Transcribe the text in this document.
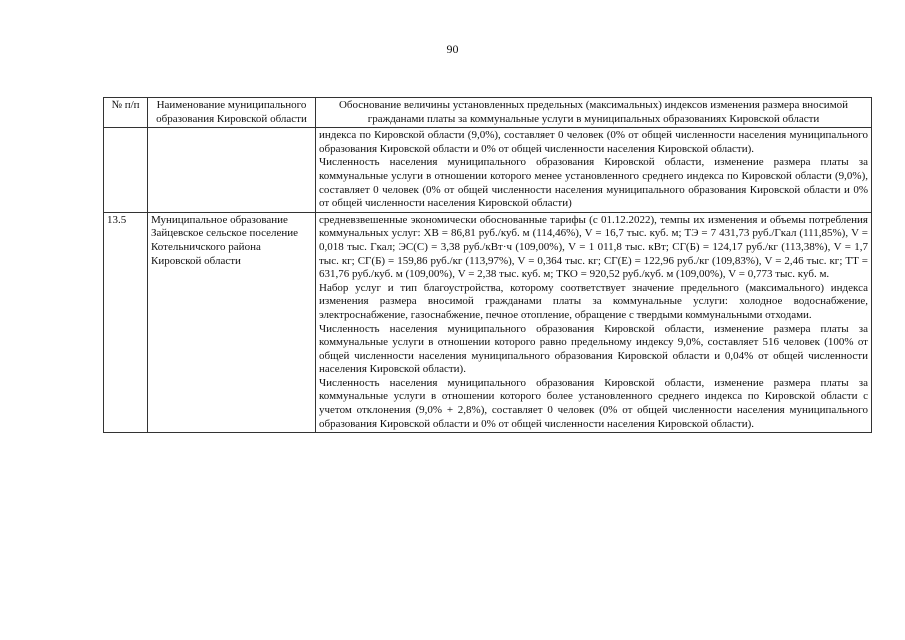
90
№ п/п	Наименование муниципального образования Кировской области	Обоснование величины установленных предельных (максимальных) индексов изменения размера вносимой гражданами платы за коммунальные услуги в муниципальных образованиях Кировской области

		индекса по Кировской области (9,0%), составляет 0 человек (0% от общей численности населения муниципального образования Кировской области и 0% от общей численности населения Кировской области).

Численность населения муниципального образования Кировской области, изменение размера платы за коммунальные услуги в отношении которого менее установленного среднего индекса по Кировской области (9,0%), составляет 0 человек (0% от общей численности населения муниципального образования Кировской области и 0% от общей численности населения Кировской области)

13.5	Муниципальное образование Зайцевское сельское поселение Котельничского района Кировской области	средневзвешенные экономически обоснованные тарифы (с 01.12.2022), темпы их изменения и объемы потребления коммунальных услуг: ХВ = 86,81 руб./куб. м (114,46%), V = 16,7 тыс. куб. м; ТЭ = 7 431,73 руб./Гкал (111,85%), V = 0,018 тыс. Гкал; ЭС(С) = 3,38 руб./кВт·ч (109,00%), V = 1 011,8 тыс. кВт; СГ(Б) = 124,17 руб./кг (113,38%), V = 1,7 тыс. кг; СГ(Б) = 159,86 руб./кг (113,97%), V = 0,364 тыс. кг; СГ(Е) = 122,96 руб./кг (109,83%), V = 2,46 тыс. кг; ТТ = 631,76 руб./куб. м (109,00%), V = 2,38 тыс. куб. м; ТКО = 920,52 руб./куб. м (109,00%), V = 0,773 тыс. куб. м.

Набор услуг и тип благоустройства, которому соответствует значение предельного (максимального) индекса изменения размера вносимой гражданами платы за коммунальные услуги: холодное водоснабжение, электроснабжение, газоснабжение, печное отопление, обращение с твердыми коммунальными отходами.

Численность населения муниципального образования Кировской области, изменение размера платы за коммунальные услуги в отношении которого равно предельному индексу 9,0%, составляет 516 человек (100% от общей численности населения муниципального образования Кировской области и 0,04% от общей численности населения Кировской области).

Численность населения муниципального образования Кировской области, изменение размера платы за коммунальные услуги в отношении которого более установленного среднего индекса по Кировской области с учетом отклонения (9,0% + 2,8%), составляет 0 человек (0% от общей численности населения муниципального образования Кировской области и 0% от общей численности населения Кировской области).
